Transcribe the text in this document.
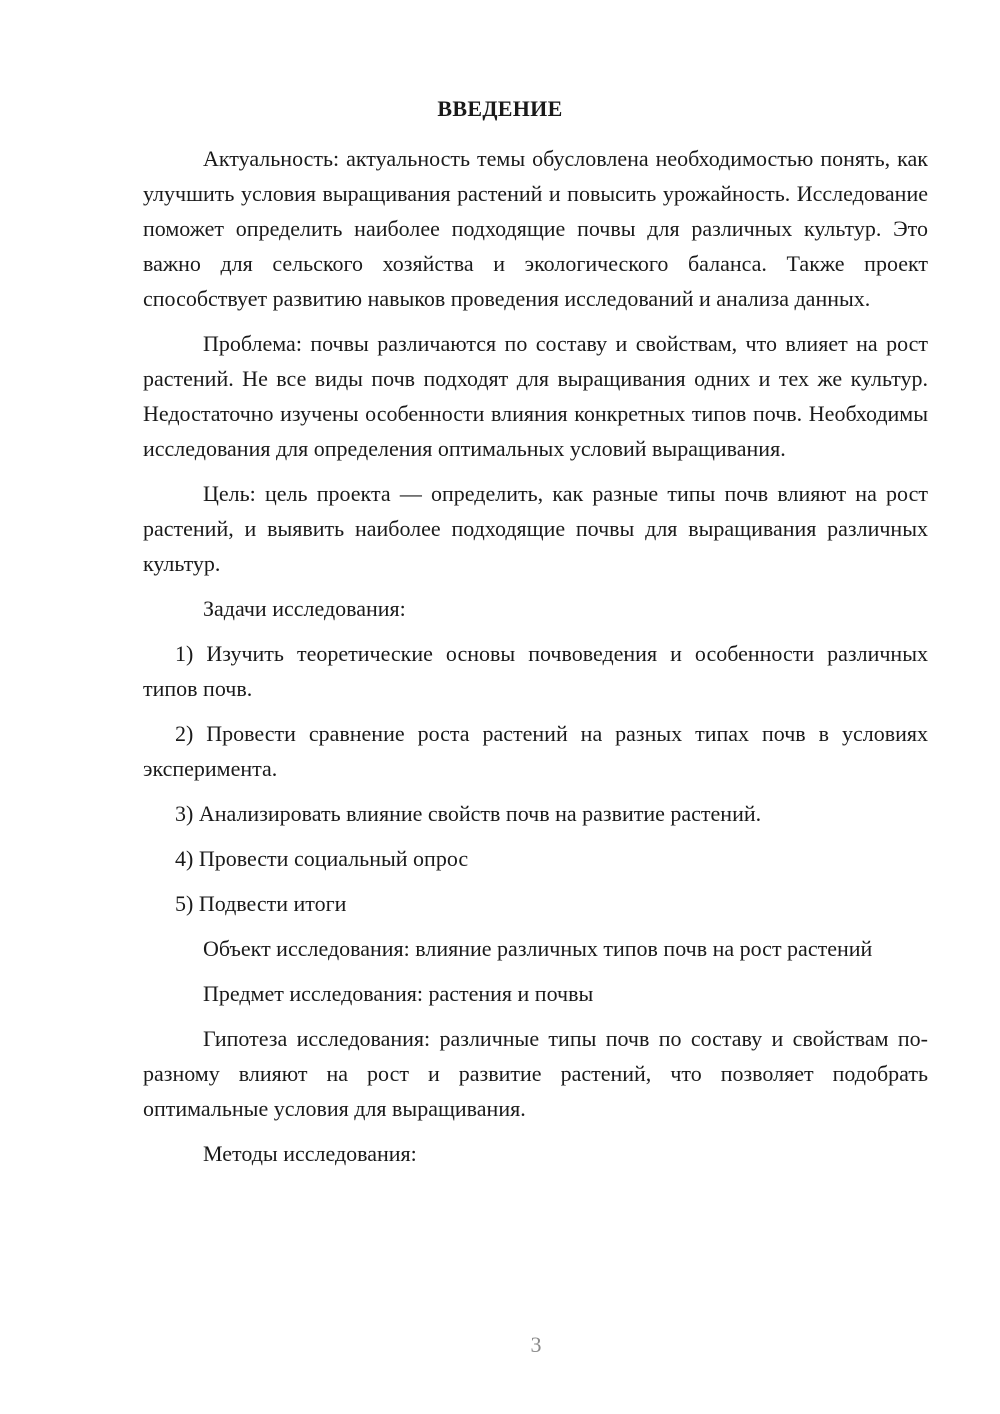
ВВЕДЕНИЕ

Актуальность: актуальность темы обусловлена необходимостью понять, как улучшить условия выращивания растений и повысить урожайность. Исследование поможет определить наиболее подходящие почвы для различных культур. Это важно для сельского хозяйства и экологического баланса. Также проект способствует развитию навыков проведения исследований и анализа данных.

Проблема: почвы различаются по составу и свойствам, что влияет на рост растений. Не все виды почв подходят для выращивания одних и тех же культур. Недостаточно изучены особенности влияния конкретных типов почв. Необходимы исследования для определения оптимальных условий выращивания.

Цель: цель проекта — определить, как разные типы почв влияют на рост растений, и выявить наиболее подходящие почвы для выращивания различных культур.

Задачи исследования:

1) Изучить теоретические основы почвоведения и особенности различных типов почв.

2) Провести сравнение роста растений на разных типах почв в условиях эксперимента.

3) Анализировать влияние свойств почв на развитие растений.

4) Провести социальный опрос

5) Подвести итоги

Объект исследования: влияние различных типов почв на рост растений

Предмет исследования: растения и почвы

Гипотеза исследования: различные типы почв по составу и свойствам по-разному влияют на рост и развитие растений, что позволяет подобрать оптимальные условия для выращивания.

Методы исследования:

3
